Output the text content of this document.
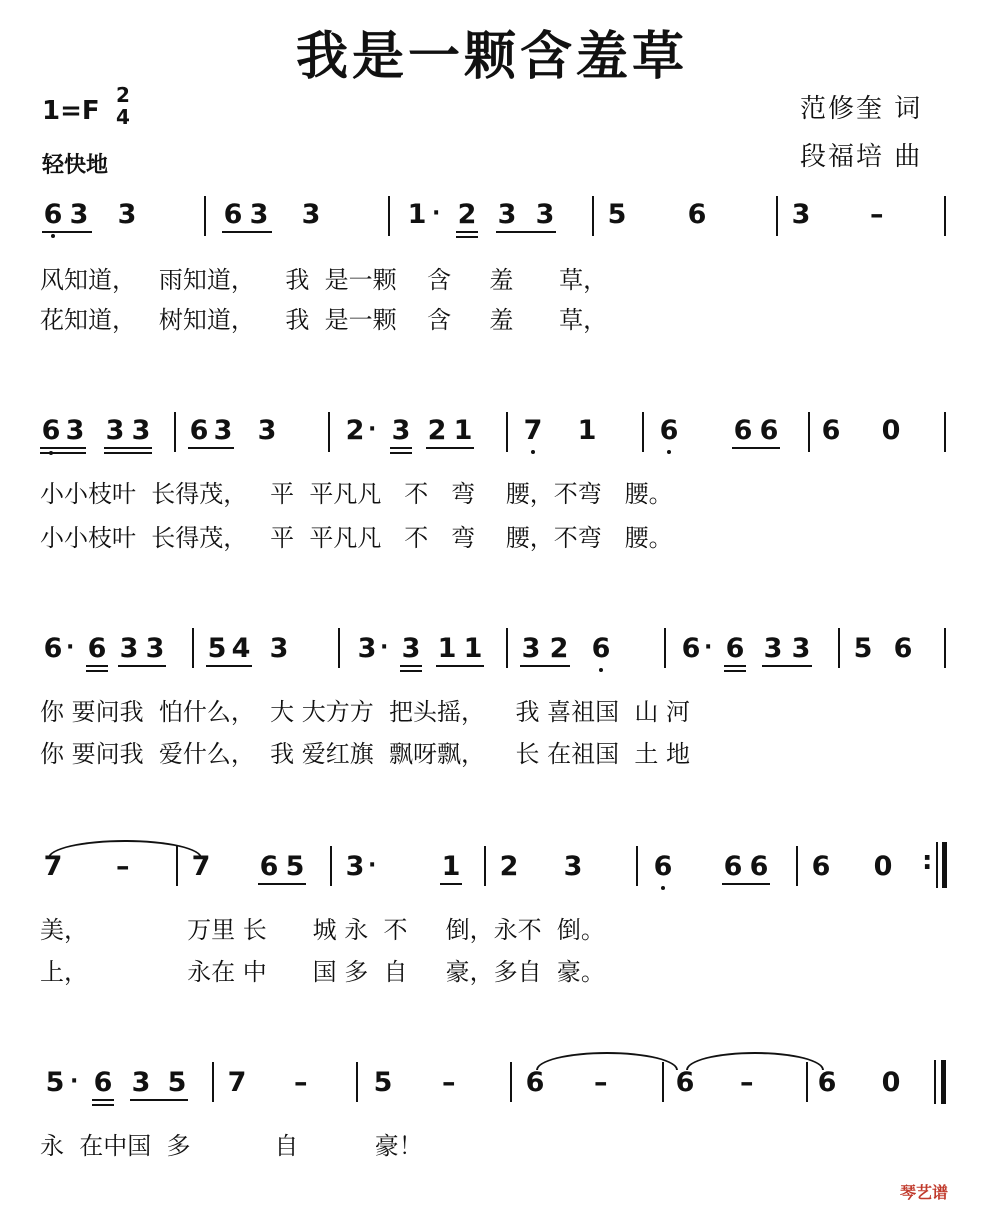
我是一颗含羞草
1=F
2
4
轻快地
范修奎 词
段福培 曲
6 3 3	6 3 3	1 · 2 3 3 5 6	3 –
风知道，   雨知道，    我  是一颗    含     羞      草，
花知道，   树知道，    我  是一颗    含     羞      草，
6 3 3 3 6 3 3	2 · 3 2 1 7 1 6 6 6 6 0
小小枝叶  长得茂，   平  平凡凡   不   弯    腰，不弯   腰。
小小枝叶  长得茂，   平  平凡凡   不   弯    腰，不弯   腰。
6 · 6 3 3 5 4 3	3 · 3 1 1 3 2 6	6 · 6 3 3 5 6
你 要问我  怕什么，  大 大方方  把头摇，    我 喜祖国  山 河
你 要问我  爱什么，  我 爱红旗  飘呀飘，    长 在祖国  土 地
7 – 7 6 5 3 · 1 2 3	6 6 6 6 0 :
美，             万里 长      城 永  不     倒，永不  倒。
上，             永在 中      国 多  自     豪，多自  豪。
5 · 6 3 5 7 – 5 –	6 –	6 – 6 0
永  在中国  多           自          豪！
琴艺谱
